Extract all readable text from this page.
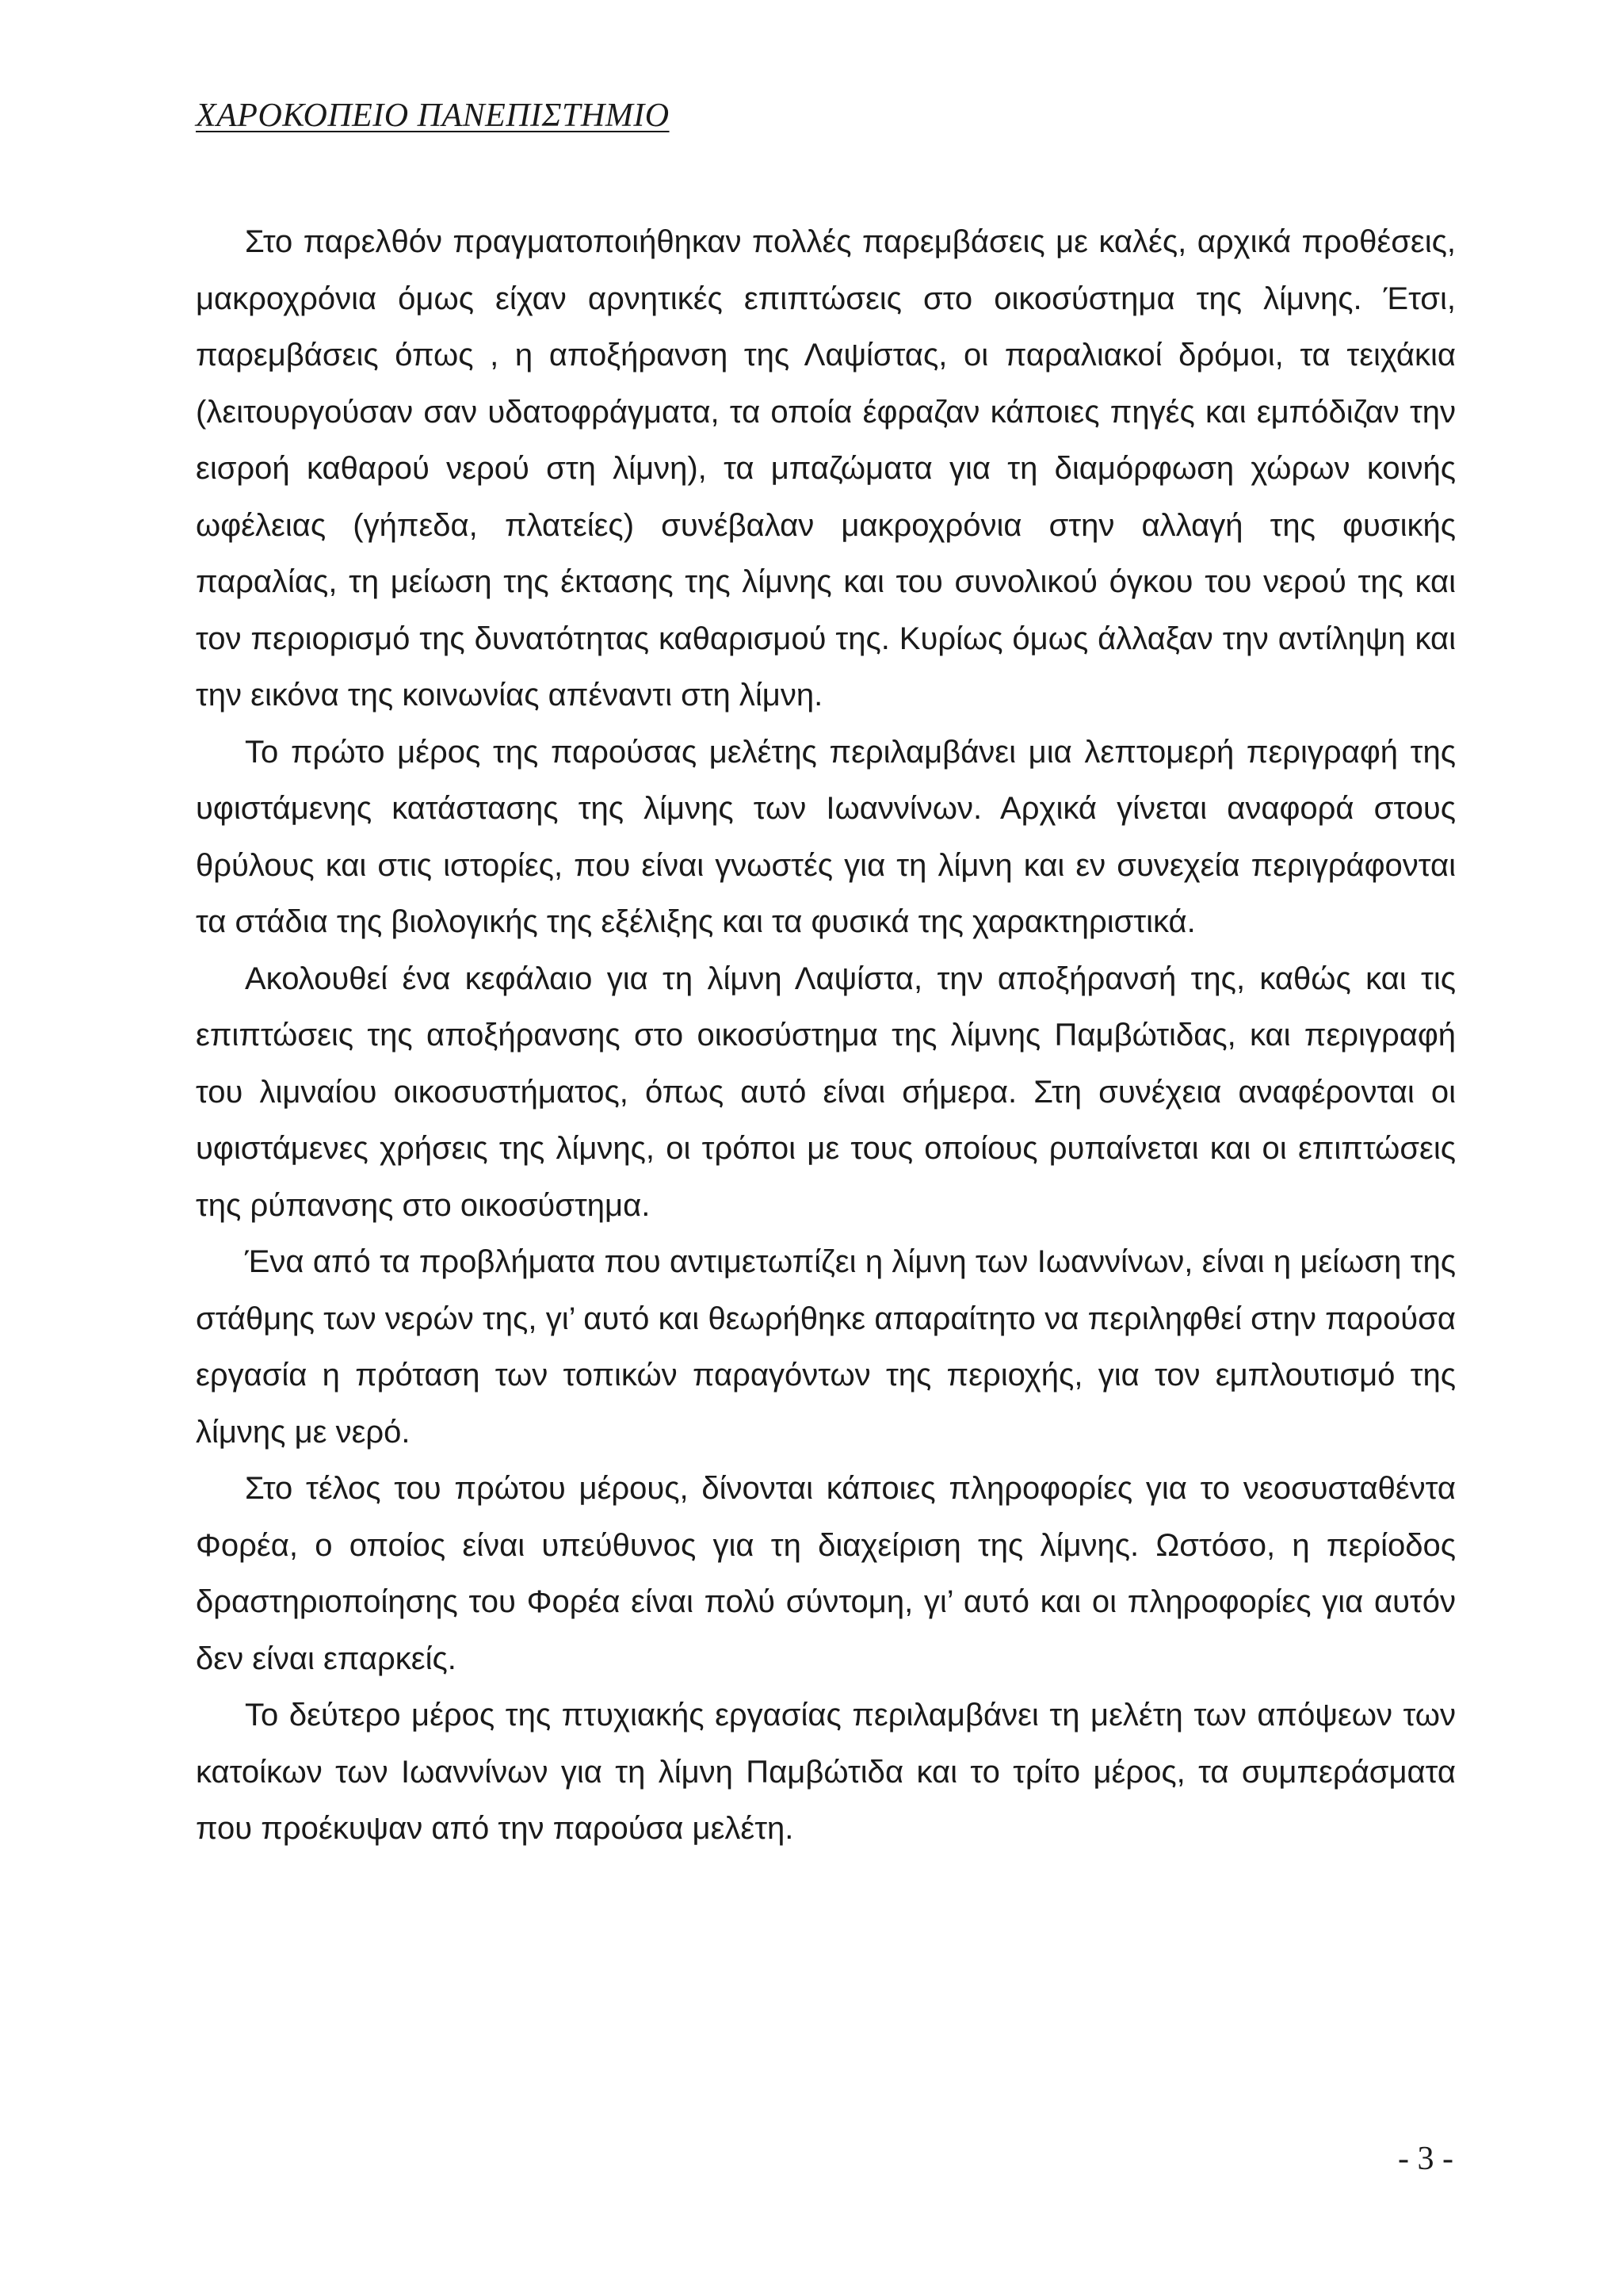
ΧΑΡΟΚΟΠΕΙΟ ΠΑΝΕΠΙΣΤΗΜΙΟ

Στο παρελθόν πραγματοποιήθηκαν πολλές παρεμβάσεις με καλές, αρχικά προθέσεις, μακροχρόνια όμως είχαν αρνητικές επιπτώσεις στο οικοσύστημα της λίμνης. Έτσι, παρεμβάσεις όπως , η αποξήρανση της Λαψίστας, οι παραλιακοί δρόμοι, τα τειχάκια (λειτουργούσαν σαν υδατοφράγματα, τα οποία έφραζαν κάποιες πηγές και εμπόδιζαν την εισροή καθαρού νερού στη λίμνη), τα μπαζώματα για τη διαμόρφωση χώρων κοινής ωφέλειας (γήπεδα, πλατείες) συνέβαλαν μακροχρόνια στην αλλαγή της φυσικής παραλίας, τη μείωση της έκτασης της λίμνης και του συνολικού όγκου του νερού της και τον περιορισμό της δυνατότητας καθαρισμού της. Κυρίως όμως άλλαξαν την αντίληψη και την εικόνα της κοινωνίας απέναντι στη λίμνη.

Το πρώτο μέρος της παρούσας μελέτης περιλαμβάνει μια λεπτομερή περιγραφή της υφιστάμενης κατάστασης της λίμνης των Ιωαννίνων. Αρχικά γίνεται αναφορά στους θρύλους και στις ιστορίες, που είναι γνωστές για τη λίμνη και εν συνεχεία περιγράφονται τα στάδια της βιολογικής της εξέλιξης και τα φυσικά της χαρακτηριστικά.

Ακολουθεί ένα κεφάλαιο για τη λίμνη Λαψίστα, την αποξήρανσή της, καθώς και τις επιπτώσεις της αποξήρανσης στο οικοσύστημα της λίμνης Παμβώτιδας, και περιγραφή του λιμναίου οικοσυστήματος, όπως αυτό είναι σήμερα. Στη συνέχεια αναφέρονται οι υφιστάμενες χρήσεις της λίμνης, οι τρόποι με τους οποίους ρυπαίνεται και οι επιπτώσεις της ρύπανσης στο οικοσύστημα.

Ένα από τα προβλήματα που αντιμετωπίζει η λίμνη των Ιωαννίνων, είναι η μείωση της στάθμης των νερών της, γι’ αυτό και θεωρήθηκε απαραίτητο να περιληφθεί στην παρούσα εργασία η πρόταση των τοπικών παραγόντων της περιοχής, για τον εμπλουτισμό της λίμνης με νερό.

Στο τέλος του πρώτου μέρους, δίνονται κάποιες πληροφορίες για το νεοσυσταθέντα Φορέα, ο οποίος είναι υπεύθυνος για τη διαχείριση της λίμνης. Ωστόσο, η περίοδος δραστηριοποίησης του Φορέα είναι πολύ σύντομη, γι’ αυτό και οι πληροφορίες για αυτόν δεν είναι επαρκείς.

Το δεύτερο μέρος της πτυχιακής εργασίας περιλαμβάνει τη μελέτη των απόψεων των κατοίκων των Ιωαννίνων για τη λίμνη Παμβώτιδα και το τρίτο μέρος, τα συμπεράσματα που προέκυψαν από την παρούσα μελέτη.

- 3 -
